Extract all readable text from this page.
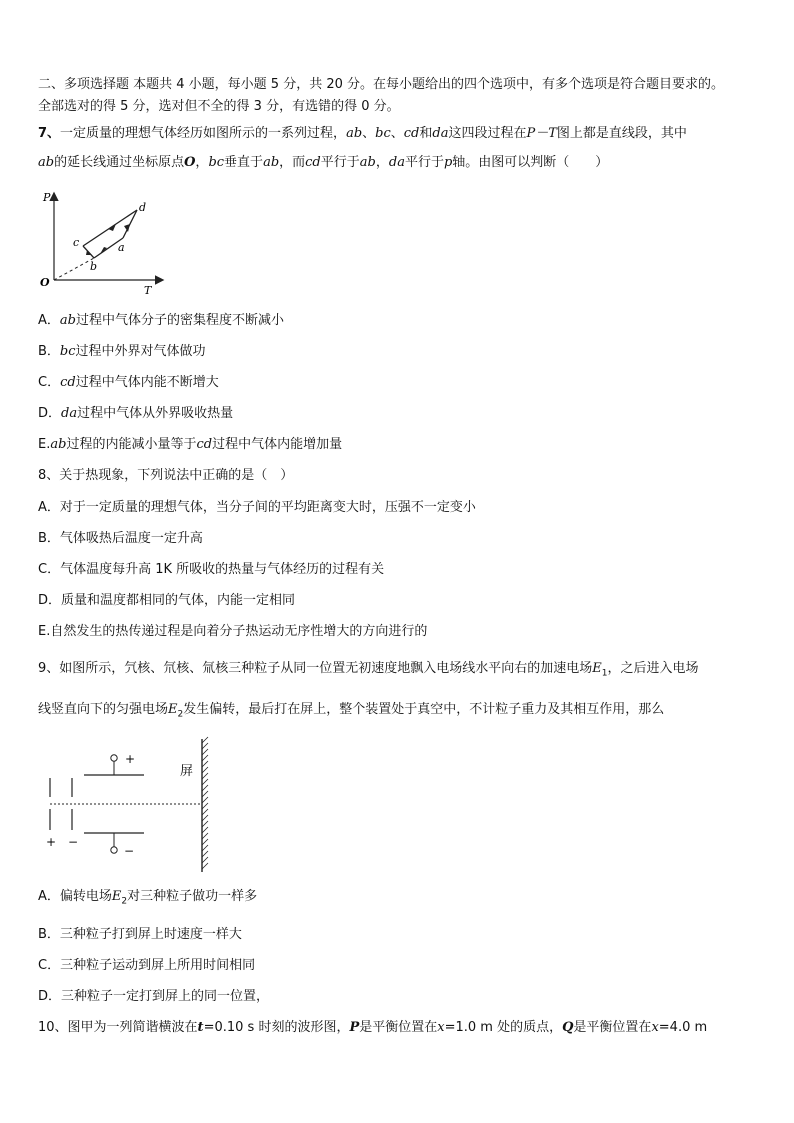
二、多项选择题 本题共 4 小题，每小题 5 分，共 20 分。在每小题给出的四个选项中，有多个选项是符合题目要求的。
全部选对的得 5 分，选对但不全的得 3 分，有选错的得 0 分。
7、一定质量的理想气体经历如图所示的一系列过程，ab、bc、cd和da这四段过程在P－T图上都是直线段，其中
ab的延长线通过坐标原点O，bc垂直于ab，而cd平行于ab，da平行于p轴。由图可以判断（　　）
P
T
O
a
b
c
d
A．ab过程中气体分子的密集程度不断减小
B．bc过程中外界对气体做功
C．cd过程中气体内能不断增大
D．da过程中气体从外界吸收热量
E.ab过程的内能减小量等于cd过程中气体内能增加量
8、关于热现象，下列说法中正确的是（　）
A．对于一定质量的理想气体，当分子间的平均距离变大时，压强不一定变小
B．气体吸热后温度一定升高
C．气体温度每升高 1K 所吸收的热量与气体经历的过程有关
D．质量和温度都相同的气体，内能一定相同
E.自然发生的热传递过程是向着分子热运动无序性增大的方向进行的
9、如图所示，氕核、氘核、氚核三种粒子从同一位置无初速度地飘入电场线水平向右的加速电场$E_1$，之后进入电场
线竖直向下的匀强电场$E_2$发生偏转，最后打在屏上，整个装置处于真空中，不计粒子重力及其相互作用，那么
+
−
+ −
屏
A．偏转电场$E_2$对三种粒子做功一样多
B．三种粒子打到屏上时速度一样大
C．三种粒子运动到屏上所用时间相同
D．三种粒子一定打到屏上的同一位置，
10、图甲为一列简谐横波在t=0.10 s 时刻的波形图，P是平衡位置在x=1.0 m 处的质点，Q是平衡位置在x=4.0 m
